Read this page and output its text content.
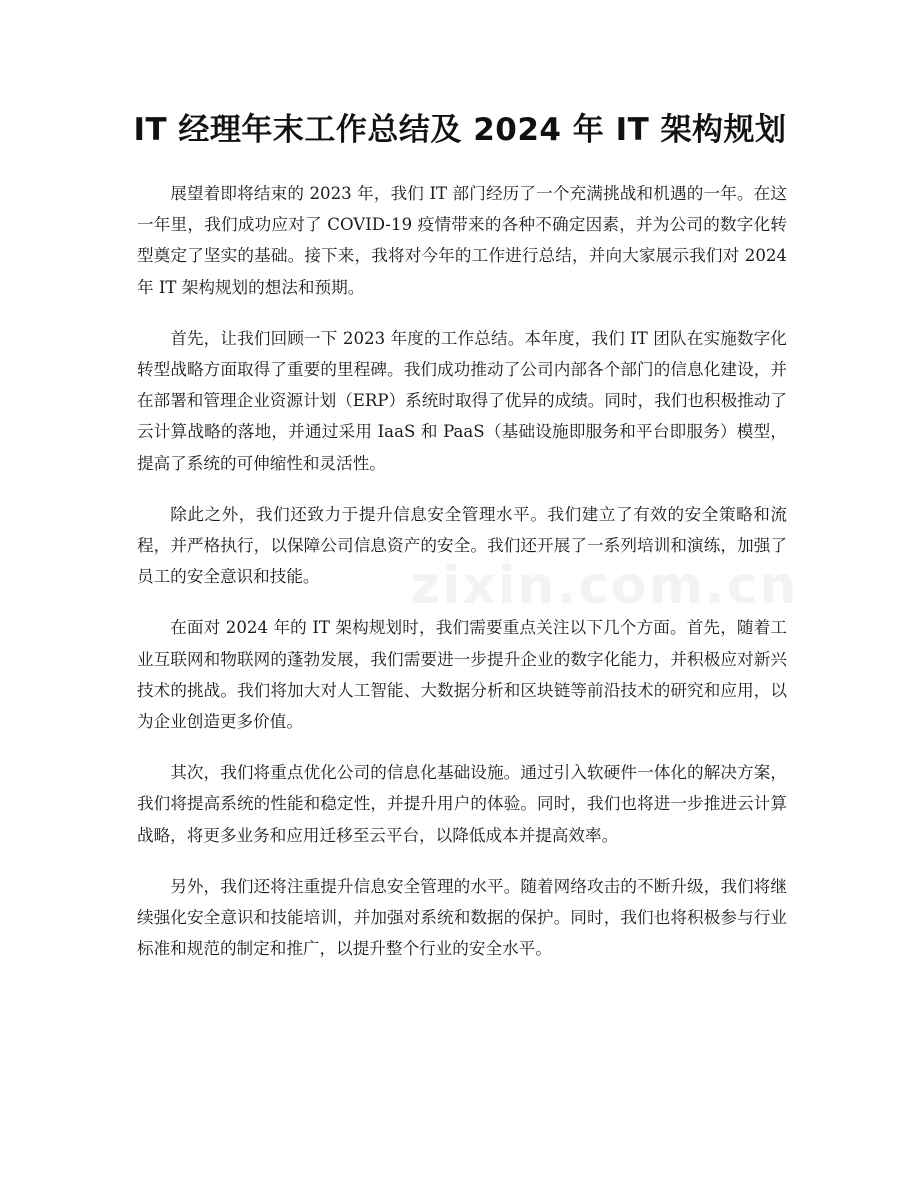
IT 经理年末工作总结及 2024 年 IT 架构规划

展望着即将结束的 2023 年，我们 IT 部门经历了一个充满挑战和机遇的一年。在这一年里，我们成功应对了 COVID-19 疫情带来的各种不确定因素，并为公司的数字化转型奠定了坚实的基础。接下来，我将对今年的工作进行总结，并向大家展示我们对 2024 年 IT 架构规划的想法和预期。

首先，让我们回顾一下 2023 年度的工作总结。本年度，我们 IT 团队在实施数字化转型战略方面取得了重要的里程碑。我们成功推动了公司内部各个部门的信息化建设，并在部署和管理企业资源计划（ERP）系统时取得了优异的成绩。同时，我们也积极推动了云计算战略的落地，并通过采用 IaaS 和 PaaS（基础设施即服务和平台即服务）模型，提高了系统的可伸缩性和灵活性。

除此之外，我们还致力于提升信息安全管理水平。我们建立了有效的安全策略和流程，并严格执行，以保障公司信息资产的安全。我们还开展了一系列培训和演练，加强了员工的安全意识和技能。

在面对 2024 年的 IT 架构规划时，我们需要重点关注以下几个方面。首先，随着工业互联网和物联网的蓬勃发展，我们需要进一步提升企业的数字化能力，并积极应对新兴技术的挑战。我们将加大对人工智能、大数据分析和区块链等前沿技术的研究和应用，以为企业创造更多价值。

其次，我们将重点优化公司的信息化基础设施。通过引入软硬件一体化的解决方案，我们将提高系统的性能和稳定性，并提升用户的体验。同时，我们也将进一步推进云计算战略，将更多业务和应用迁移至云平台，以降低成本并提高效率。

另外，我们还将注重提升信息安全管理的水平。随着网络攻击的不断升级，我们将继续强化安全意识和技能培训，并加强对系统和数据的保护。同时，我们也将积极参与行业标准和规范的制定和推广，以提升整个行业的安全水平。

zixin.com.cn
